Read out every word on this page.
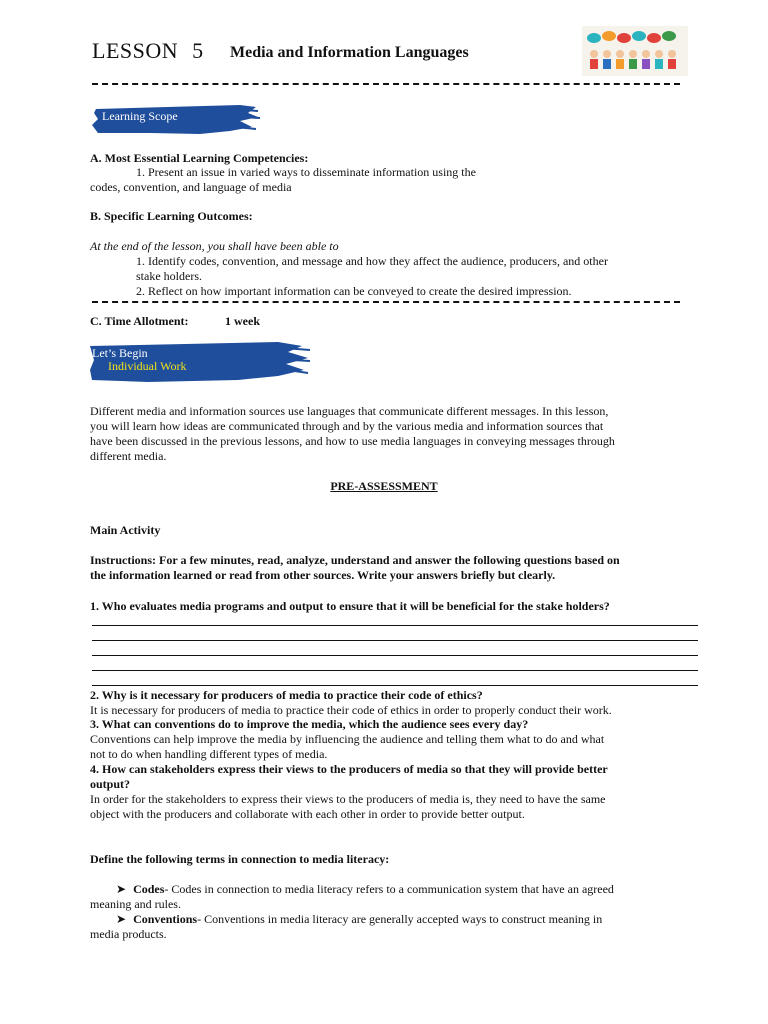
LESSON 5 Media and Information Languages
Learning Scope
A. Most Essential Learning Competencies:
1. Present an issue in varied ways to disseminate information using the
codes, convention, and language of media
B. Specific Learning Outcomes:
At the end of the lesson, you shall have been able to
1. Identify codes, convention, and message and how they affect the audience, producers, and other
stake holders.
2. Reflect on how important information can be conveyed to create the desired impression.
C. Time Allotment:	1 week
Let’s Begin
Individual Work
Different media and information sources use languages that communicate different messages. In this lesson,
you will learn how ideas are communicated through and by the various media and information sources that
have been discussed in the previous lessons, and how to use media languages in conveying messages through
different media.
PRE-ASSESSMENT
Main Activity
Instructions: For a few minutes, read, analyze, understand and answer the following questions based on
the information learned or read from other sources. Write your answers briefly but clearly.
1. Who evaluates media programs and output to ensure that it will be beneficial for the stake holders?
2. Why is it necessary for producers of media to practice their code of ethics?
It is necessary for producers of media to practice their code of ethics in order to properly conduct their work.
3. What can conventions do to improve the media, which the audience sees every day?
Conventions can help improve the media by influencing the audience and telling them what to do and what
not to do when handling different types of media.
4. How can stakeholders express their views to the producers of media so that they will provide better
output?
In order for the stakeholders to express their views to the producers of media is, they need to have the same
object with the producers and collaborate with each other in order to provide better output.
Define the following terms in connection to media literacy:
➤ Codes- Codes in connection to media literacy refers to a communication system that have an agreed
meaning and rules.
➤ Conventions- Conventions in media literacy are generally accepted ways to construct meaning in
media products.
